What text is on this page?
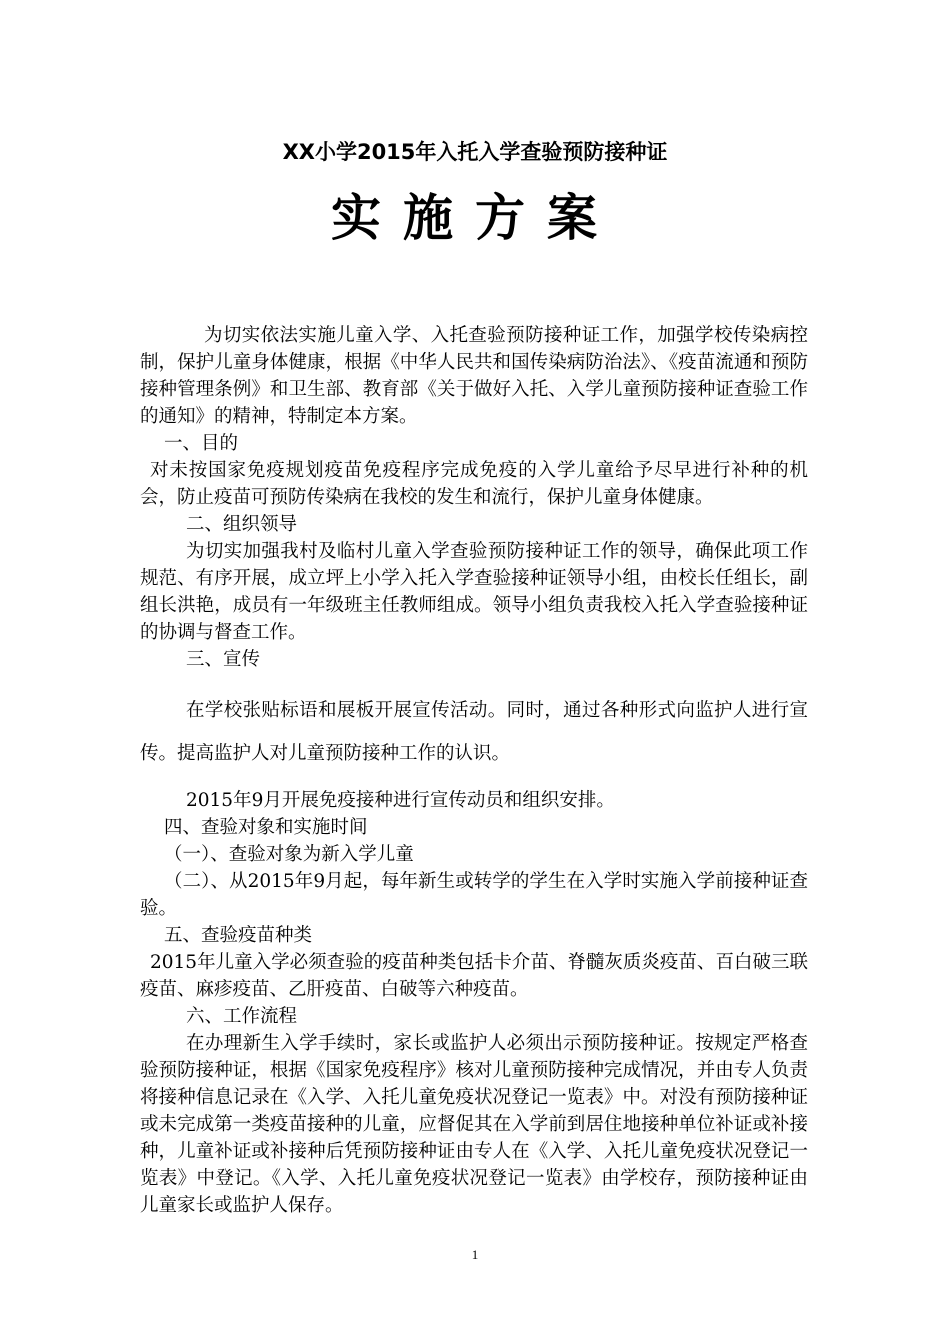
XX小学2015年入托入学查验预防接种证
实施方案

为切实依法实施儿童入学、入托查验预防接种证工作，加强学校传染病控制，保护儿童身体健康，根据《中华人民共和国传染病防治法》、《疫苗流通和预防接种管理条例》和卫生部、教育部《关于做好入托、入学儿童预防接种证查验工作的通知》的精神，特制定本方案。

一、目的

对未按国家免疫规划疫苗免疫程序完成免疫的入学儿童给予尽早进行补种的机会，防止疫苗可预防传染病在我校的发生和流行，保护儿童身体健康。

二、组织领导

为切实加强我村及临村儿童入学查验预防接种证工作的领导，确保此项工作规范、有序开展，成立坪上小学入托入学查验接种证领导小组，由校长任组长，副组长洪艳，成员有一年级班主任教师组成。领导小组负责我校入托入学查验接种证的协调与督查工作。

三、宣传

在学校张贴标语和展板开展宣传活动。同时，通过各种形式向监护人进行宣传。提高监护人对儿童预防接种工作的认识。

2015年9月开展免疫接种进行宣传动员和组织安排。

四、查验对象和实施时间

（一）、查验对象为新入学儿童

（二）、从2015年9月起，每年新生或转学的学生在入学时实施入学前接种证查验。

五、查验疫苗种类

2015年儿童入学必须查验的疫苗种类包括卡介苗、脊髓灰质炎疫苗、百白破三联疫苗、麻疹疫苗、乙肝疫苗、白破等六种疫苗。

六、工作流程

在办理新生入学手续时，家长或监护人必须出示预防接种证。按规定严格查验预防接种证，根据《国家免疫程序》核对儿童预防接种完成情况，并由专人负责将接种信息记录在《入学、入托儿童免疫状况登记一览表》中。对没有预防接种证或未完成第一类疫苗接种的儿童，应督促其在入学前到居住地接种单位补证或补接种，儿童补证或补接种后凭预防接种证由专人在《入学、入托儿童免疫状况登记一览表》中登记。《入学、入托儿童免疫状况登记一览表》由学校存，预防接种证由儿童家长或监护人保存。

1
